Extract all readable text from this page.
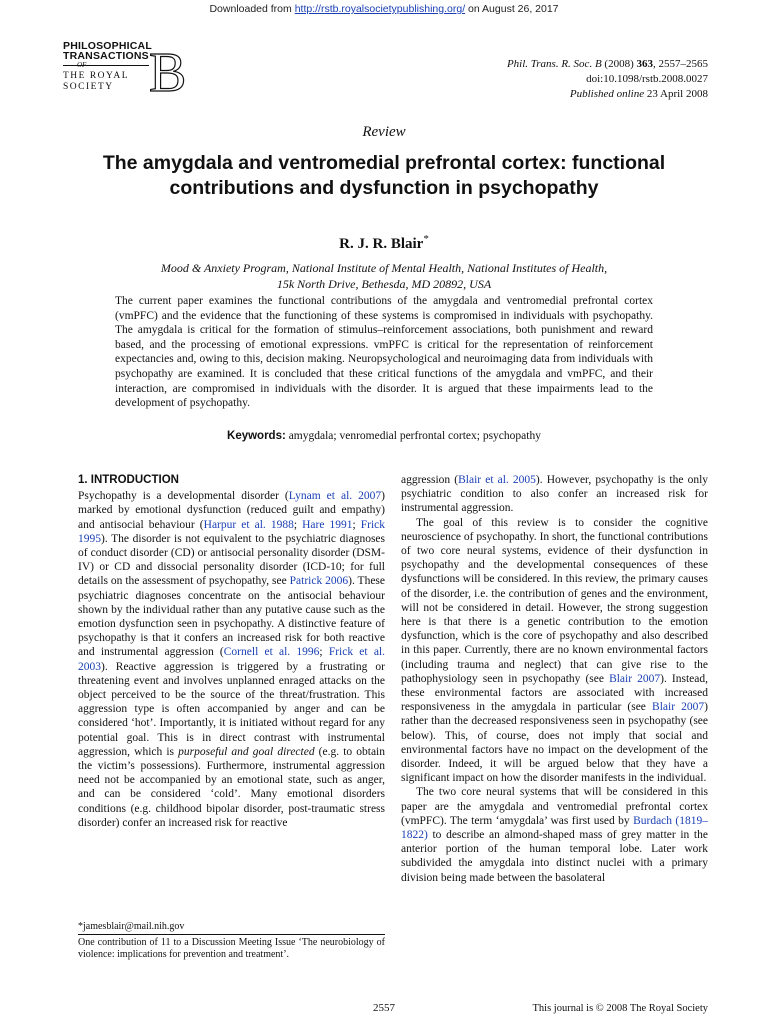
Downloaded from http://rstb.royalsocietypublishing.org/ on August 26, 2017
PHILOSOPHICAL
TRANSACTIONS
OF
THE ROYAL
SOCIETY B	Phil. Trans. R. Soc. B (2008) 363, 2557–2565
doi:10.1098/rstb.2008.0027
Published online 23 April 2008
Review
The amygdala and ventromedial prefrontal cortex: functional contributions and dysfunction in psychopathy
R. J. R. Blair*
Mood & Anxiety Program, National Institute of Mental Health, National Institutes of Health,
15k North Drive, Bethesda, MD 20892, USA
The current paper examines the functional contributions of the amygdala and ventromedial prefrontal cortex (vmPFC) and the evidence that the functioning of these systems is compromised in individuals with psychopathy. The amygdala is critical for the formation of stimulus–reinforcement associations, both punishment and reward based, and the processing of emotional expressions. vmPFC is critical for the representation of reinforcement expectancies and, owing to this, decision making. Neuropsychological and neuroimaging data from individuals with psychopathy are examined. It is concluded that these critical functions of the amygdala and vmPFC, and their interaction, are compromised in individuals with the disorder. It is argued that these impairments lead to the development of psychopathy.
Keywords: amygdala; venromedial perfrontal cortex; psychopathy
1. INTRODUCTION

Psychopathy is a developmental disorder (Lynam et al. 2007) marked by emotional dysfunction (reduced guilt and empathy) and antisocial behaviour (Harpur et al. 1988; Hare 1991; Frick 1995). The disorder is not equivalent to the psychiatric diagnoses of conduct disorder (CD) or antisocial personality disorder (DSM-IV) or CD and dissocial personality disorder (ICD-10; for full details on the assessment of psychopathy, see Patrick 2006). These psychiatric diagnoses concentrate on the antisocial behaviour shown by the individual rather than any putative cause such as the emotion dysfunction seen in psychopathy. A distinctive feature of psychopathy is that it confers an increased risk for both reactive and instrumental aggression (Cornell et al. 1996; Frick et al. 2003). Reactive aggression is triggered by a frustrating or threatening event and involves unplanned enraged attacks on the object perceived to be the source of the threat/frustration. This aggression type is often accompanied by anger and can be considered ‘hot’. Importantly, it is initiated without regard for any potential goal. This is in direct contrast with instrumental aggression, which is purposeful and goal directed (e.g. to obtain the victim’s possessions). Furthermore, instrumental aggression need not be accompanied by an emotional state, such as anger, and can be considered ‘cold’. Many emotional disorders conditions (e.g. childhood bipolar disorder, post-traumatic stress disorder) confer an increased risk for reactive

aggression (Blair et al. 2005). However, psychopathy is the only psychiatric condition to also confer an increased risk for instrumental aggression.

The goal of this review is to consider the cognitive neuroscience of psychopathy. In short, the functional contributions of two core neural systems, evidence of their dysfunction in psychopathy and the developmental consequences of these dysfunctions will be considered. In this review, the primary causes of the disorder, i.e. the contribution of genes and the environment, will not be considered in detail. However, the strong suggestion here is that there is a genetic contribution to the emotion dysfunction, which is the core of psychopathy and also described in this paper. Currently, there are no known environmental factors (including trauma and neglect) that can give rise to the pathophysiology seen in psychopathy (see Blair 2007). Instead, these environmental factors are associated with increased responsiveness in the amygdala in particular (see Blair 2007) rather than the decreased responsiveness seen in psychopathy (see below). This, of course, does not imply that social and environmental factors have no impact on the development of the disorder. Indeed, it will be argued below that they have a significant impact on how the disorder manifests in the individual.

The two core neural systems that will be considered in this paper are the amygdala and ventromedial prefrontal cortex (vmPFC). The term ‘amygdala’ was first used by Burdach (1819–1822) to describe an almond-shaped mass of grey matter in the anterior portion of the human temporal lobe. Later work subdivided the amygdala into distinct nuclei with a primary division being made between the basolateral

*jamesblair@mail.nih.gov
One contribution of 11 to a Discussion Meeting Issue ‘The neurobiology of violence: implications for prevention and treatment’.
2557	This journal is © 2008 The Royal Society
